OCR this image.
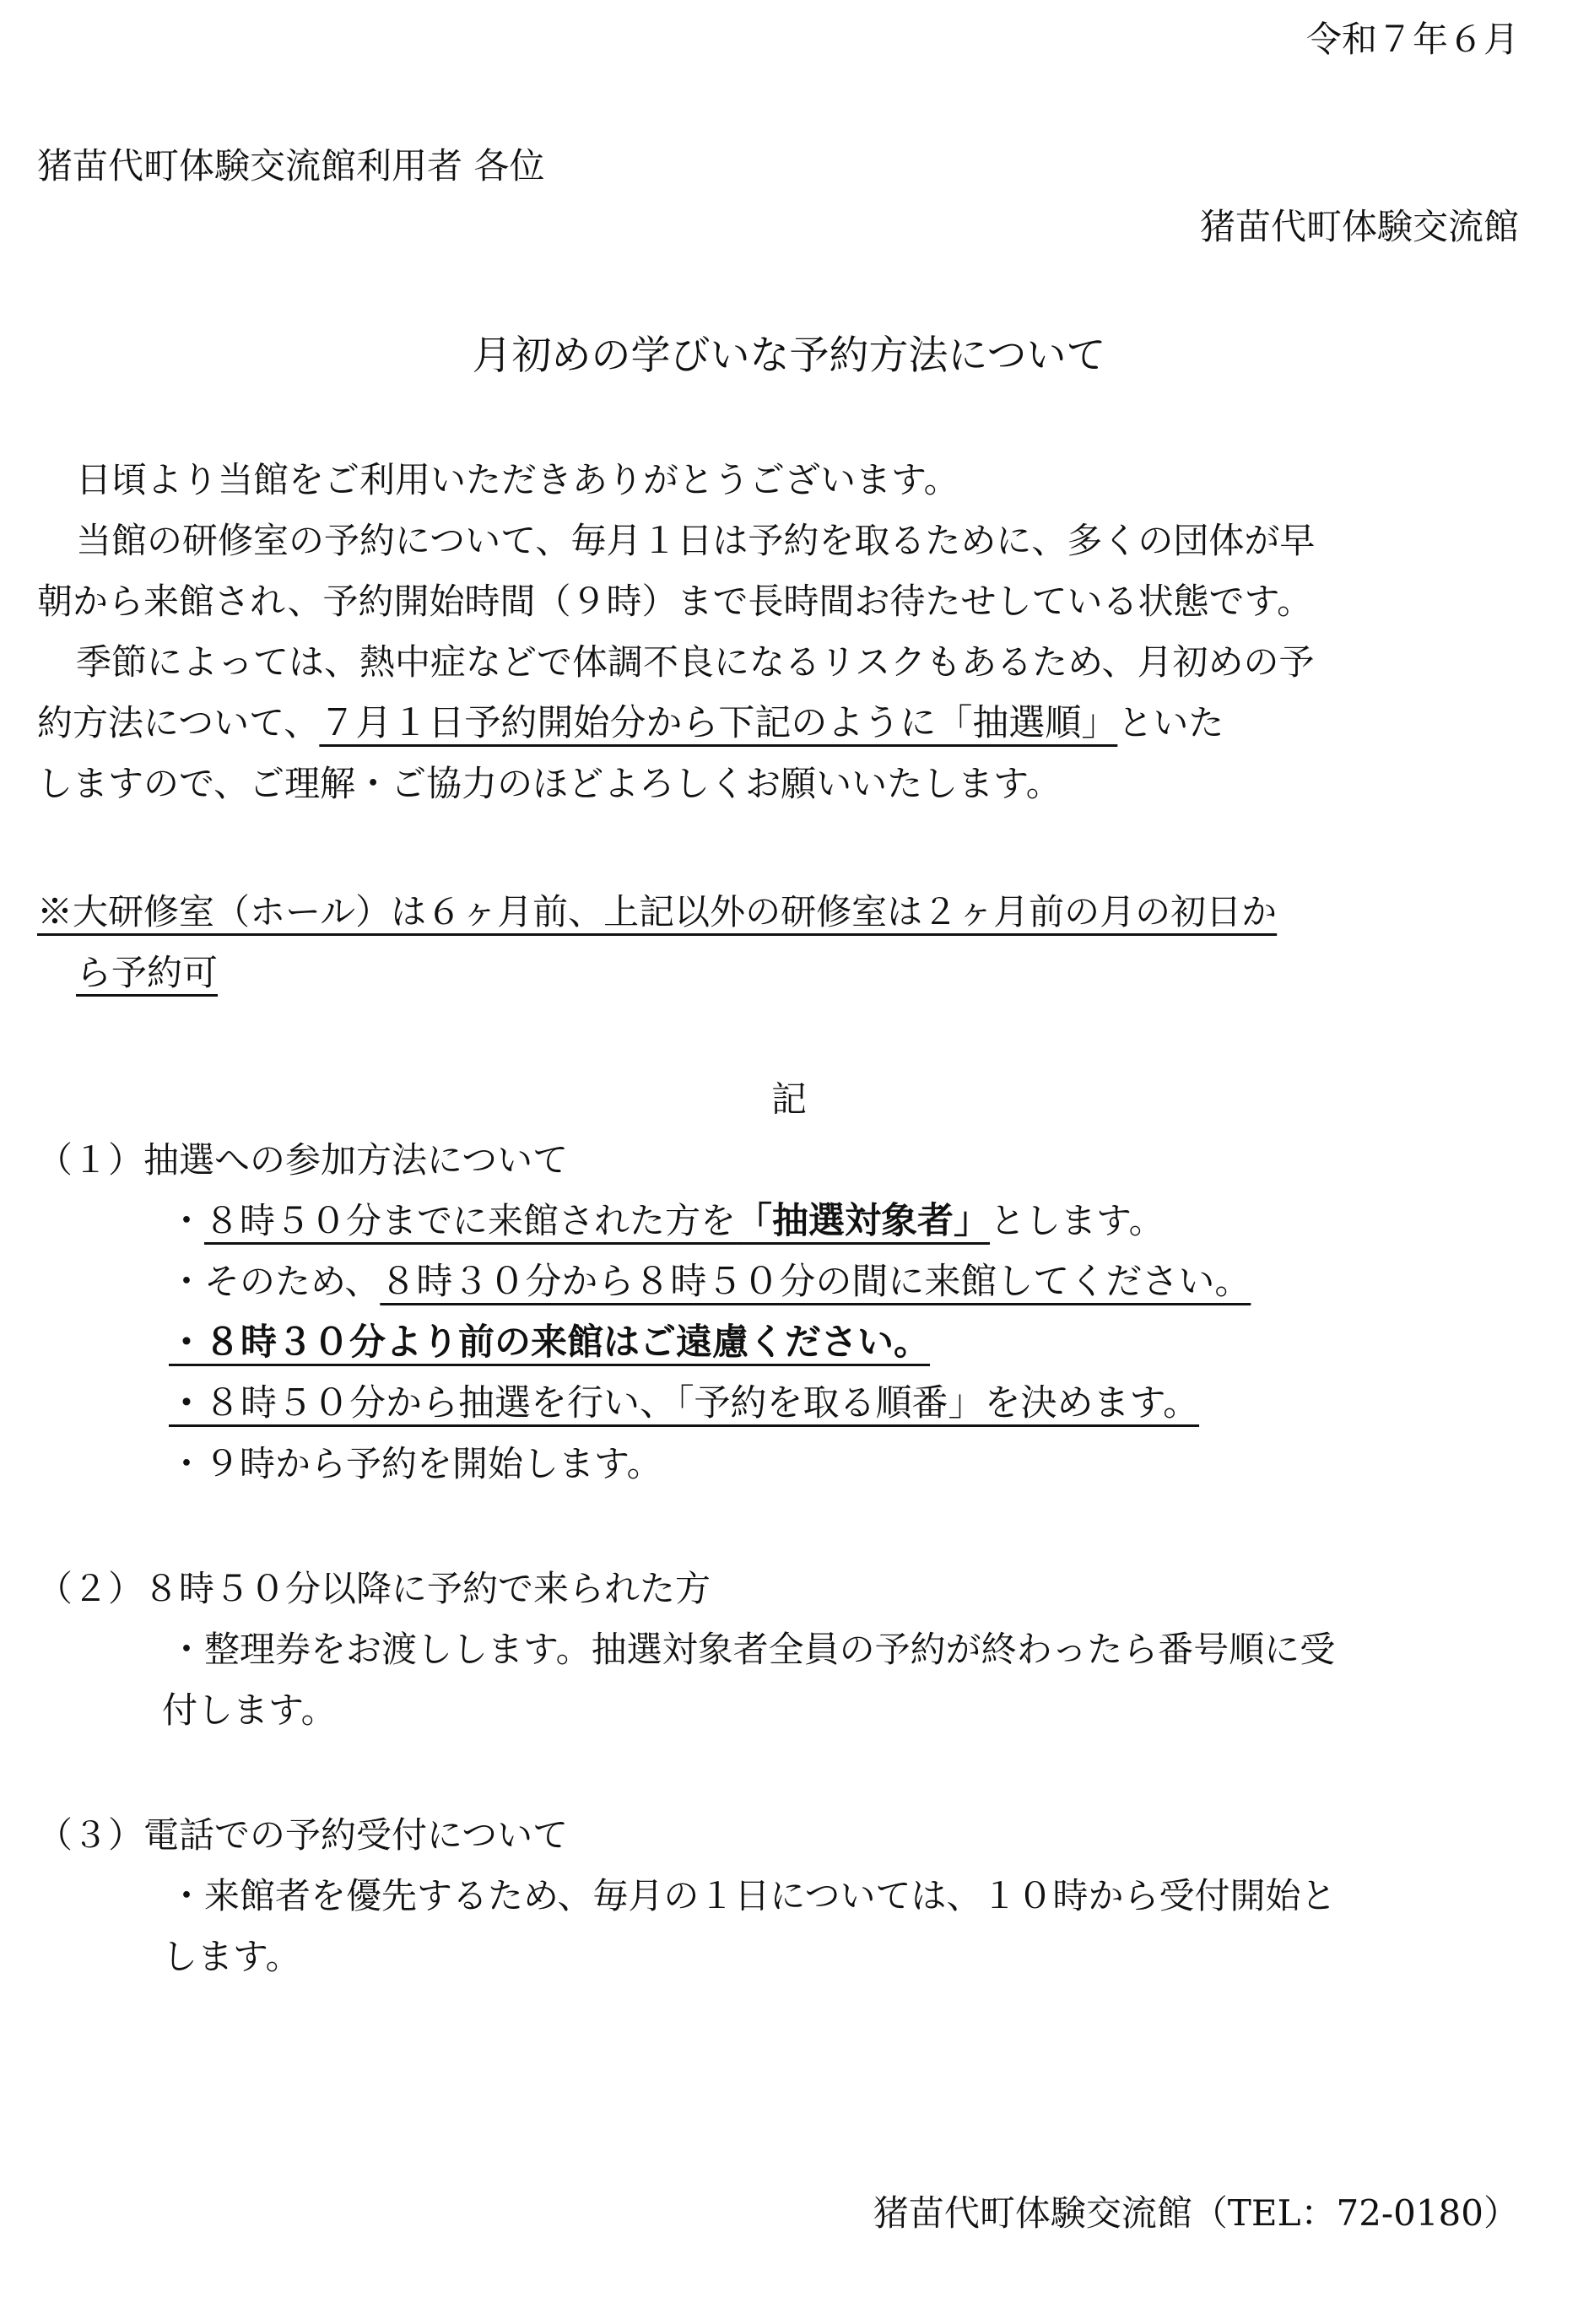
令和７年６月
猪苗代町体験交流館利用者 各位
猪苗代町体験交流館
月初めの学びいな予約方法について
日頃より当館をご利用いただきありがとうございます。
当館の研修室の予約について、毎月１日は予約を取るために、多くの団体が早
朝から来館され、予約開始時間（９時）まで長時間お待たせしている状態です。
季節によっては、熱中症などで体調不良になるリスクもあるため、月初めの予
約方法について、７月１日予約開始分から下記のように「抽選順」といた
しますので、ご理解・ご協力のほどよろしくお願いいたします。
※大研修室（ホール）は６ヶ月前、上記以外の研修室は２ヶ月前の月の初日か
ら予約可
記
（１）抽選への参加方法について
・８時５０分までに来館された方を「抽選対象者」とします。
・そのため、８時３０分から８時５０分の間に来館してください。
・８時３０分より前の来館はご遠慮ください。
・８時５０分から抽選を行い、「予約を取る順番」を決めます。
・９時から予約を開始します。
（２）８時５０分以降に予約で来られた方
・整理券をお渡しします。抽選対象者全員の予約が終わったら番号順に受
付します。
（３）電話での予約受付について
・来館者を優先するため、毎月の１日については、１０時から受付開始と
します。
猪苗代町体験交流館（TEL：72-0180）
